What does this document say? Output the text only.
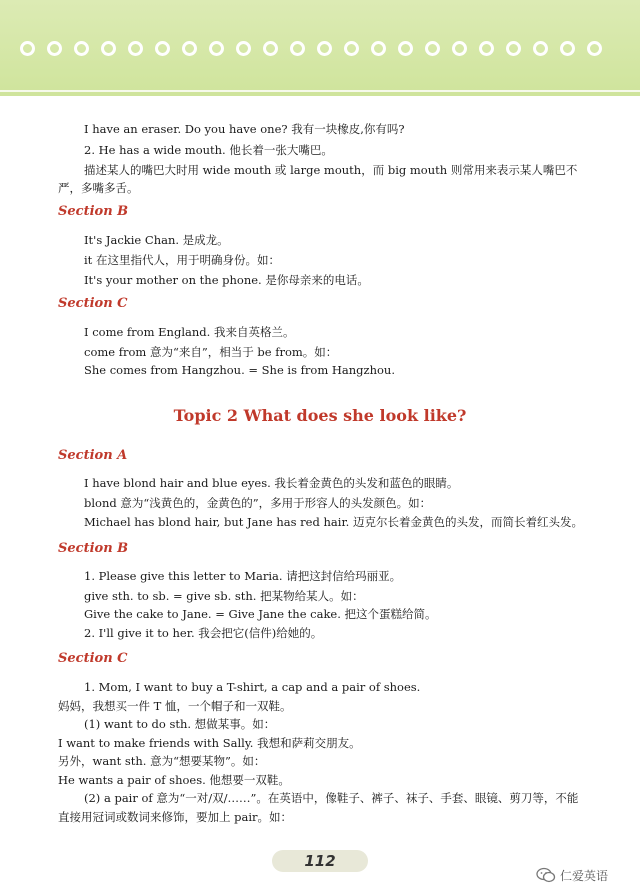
I have an eraser. Do you have one? 我有一块橡皮,你有吗?
2. He has a wide mouth. 他长着一张大嘴巴。
描述某人的嘴巴大时用 wide mouth 或 large mouth，而 big mouth 则常用来表示某人嘴巴不严，多嘴多舌。
Section B
It's Jackie Chan. 是成龙。
it 在这里指代人，用于明确身份。如：
It's your mother on the phone. 是你母亲来的电话。
Section C
I come from England. 我来自英格兰。
come from 意为“来自”，相当于 be from。如：
She comes from Hangzhou. = She is from Hangzhou.
Topic 2 What does she look like?
Section A
I have blond hair and blue eyes. 我长着金黄色的头发和蓝色的眼睛。
blond 意为“浅黄色的，金黄色的”，多用于形容人的头发颜色。如：
Michael has blond hair, but Jane has red hair. 迈克尔长着金黄色的头发，而简长着红头发。
Section B
1. Please give this letter to Maria. 请把这封信给玛丽亚。
give sth. to sb. = give sb. sth. 把某物给某人。如：
Give the cake to Jane. = Give Jane the cake. 把这个蛋糕给简。
2. I'll give it to her. 我会把它(信件)给她的。
Section C
1. Mom, I want to buy a T-shirt, a cap and a pair of shoes.
妈妈，我想买一件 T 恤，一个帽子和一双鞋。
(1) want to do sth. 想做某事。如：
I want to make friends with Sally. 我想和萨莉交朋友。
另外，want sth. 意为“想要某物”。如：
He wants a pair of shoes. 他想要一双鞋。
(2) a pair of 意为“一对/双/……”。在英语中，像鞋子、裤子、袜子、手套、眼镜、剪刀等，不能直接用冠词或数词来修饰，要加上 pair。如：
112
仁爱英语
